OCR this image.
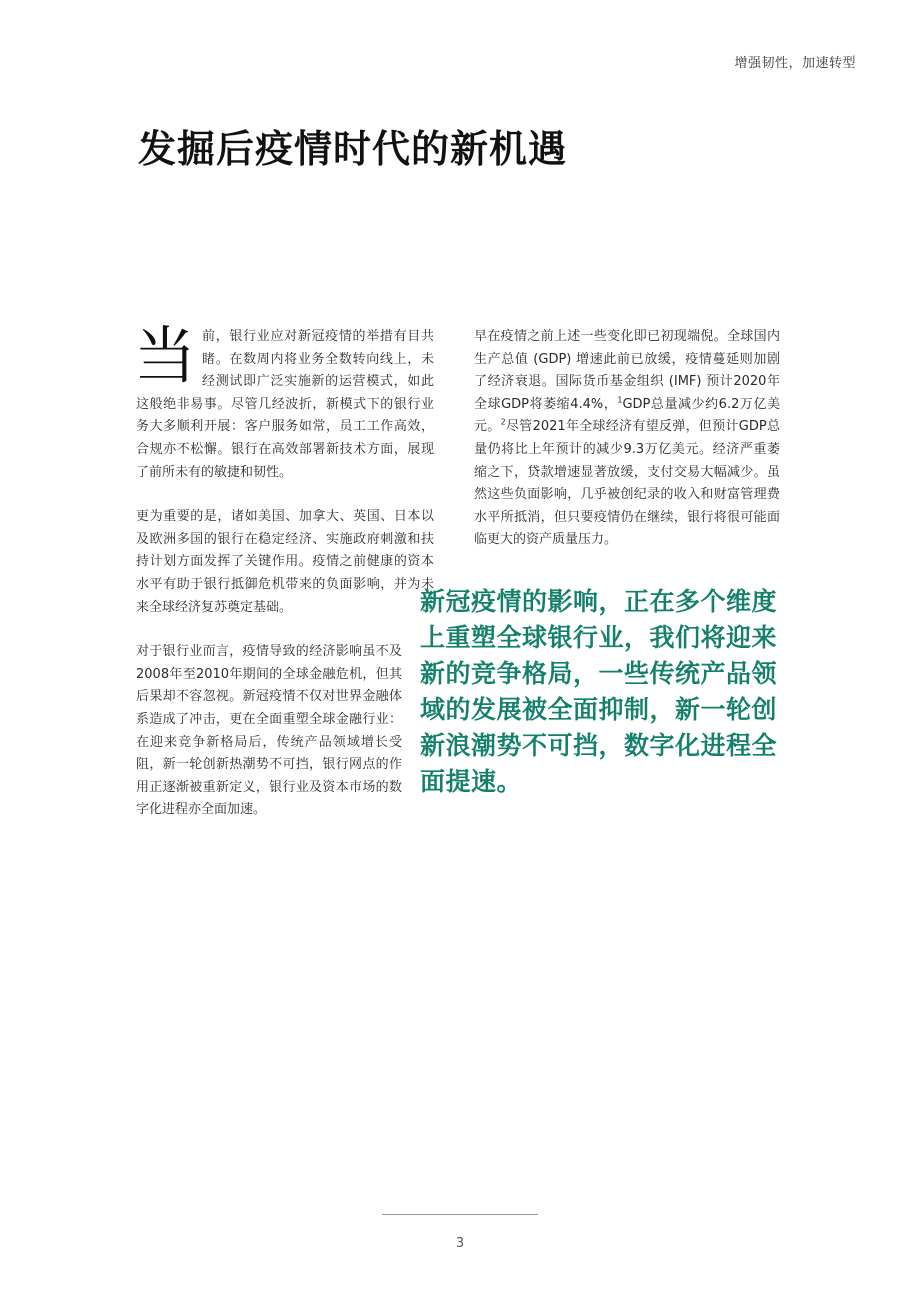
增强韧性，加速转型
发掘后疫情时代的新机遇

当前，银行业应对新冠疫情的举措有目共睹。在数周内将业务全数转向线上，未经测试即广泛实施新的运营模式，如此这般绝非易事。尽管几经波折，新模式下的银行业务大多顺利开展：客户服务如常，员工工作高效，合规亦不松懈。银行在高效部署新技术方面，展现了前所未有的敏捷和韧性。

更为重要的是，诸如美国、加拿大、英国、日本以及欧洲多国的银行在稳定经济、实施政府刺激和扶持计划方面发挥了关键作用。疫情之前健康的资本水平有助于银行抵御危机带来的负面影响，并为未来全球经济复苏奠定基础。

对于银行业而言，疫情导致的经济影响虽不及2008年至2010年期间的全球金融危机，但其后果却不容忽视。新冠疫情不仅对世界金融体系造成了冲击，更在全面重塑全球金融行业：在迎来竞争新格局后，传统产品领域增长受阻，新一轮创新热潮势不可挡，银行网点的作用正逐渐被重新定义，银行业及资本市场的数字化进程亦全面加速。

早在疫情之前上述一些变化即已初现端倪。全球国内生产总值 (GDP) 增速此前已放缓，疫情蔓延则加剧了经济衰退。国际货币基金组织 (IMF) 预计2020年全球GDP将萎缩4.4%，$^1$GDP总量减少约6.2万亿美元。$^2$尽管2021年全球经济有望反弹，但预计GDP总量仍将比上年预计的减少9.3万亿美元。经济严重萎缩之下，贷款增速显著放缓，支付交易大幅减少。虽然这些负面影响，几乎被创纪录的收入和财富管理费水平所抵消，但只要疫情仍在继续，银行将很可能面临更大的资产质量压力。

新冠疫情的影响，正在多个维度上重塑全球银行业，我们将迎来新的竞争格局，一些传统产品领域的发展被全面抑制，新一轮创新浪潮势不可挡，数字化进程全面提速。

3
